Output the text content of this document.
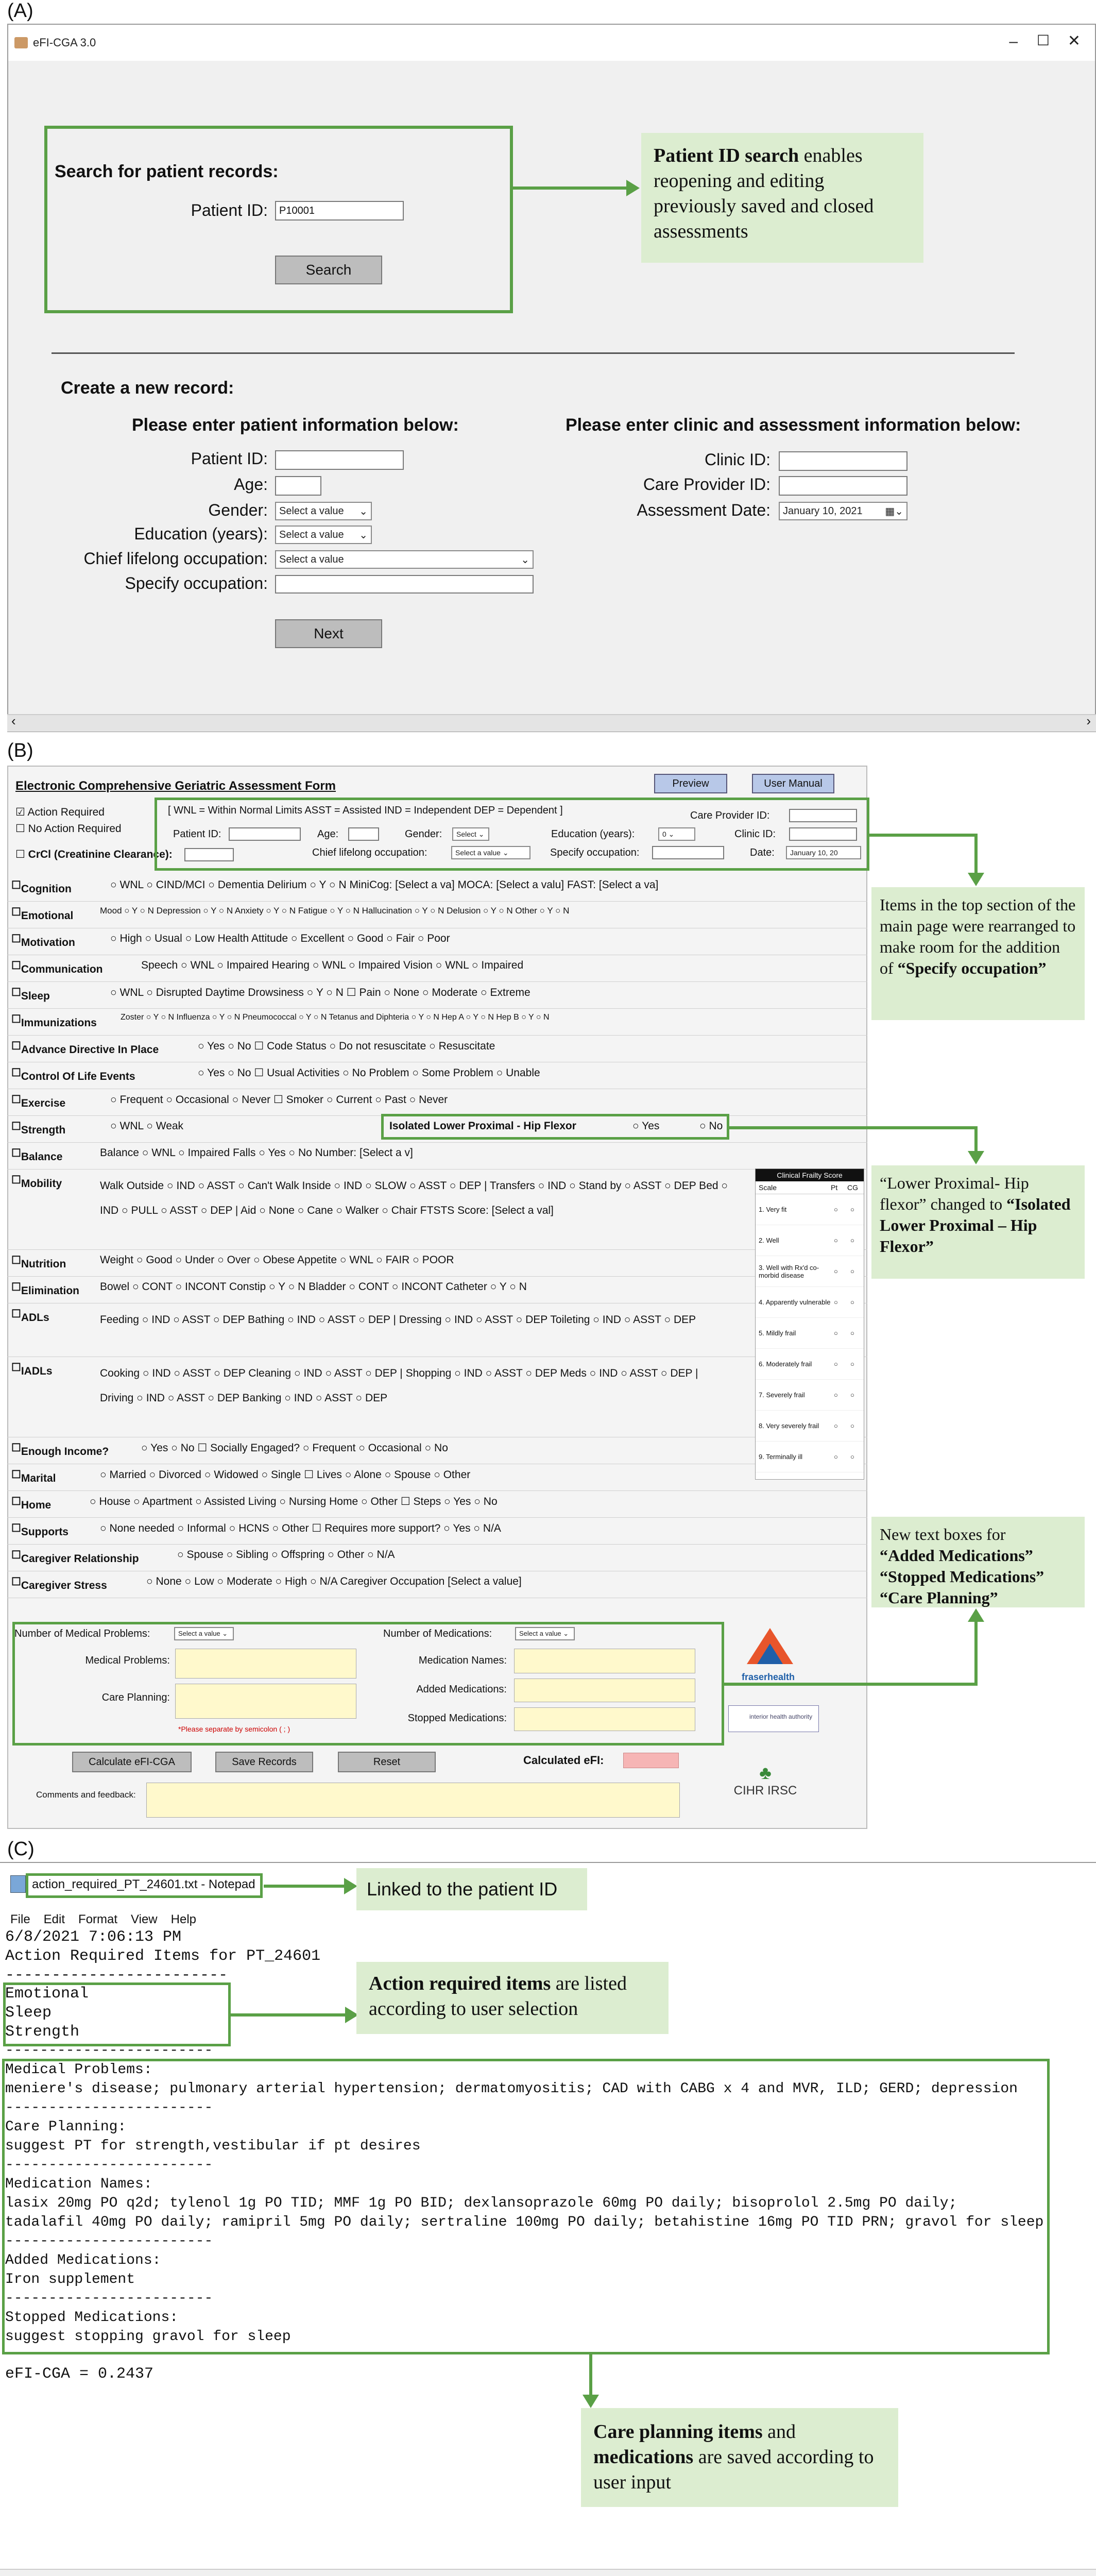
(A)
eFI-CGA 3.0	– ☐ ✕
Search for patient records:
Patient ID:	P10001
Search
Patient ID search enables reopening and editing previously saved and closed assessments
Create a new record:
Please enter patient information below:	Please enter clinic and assessment information below:
Patient ID:
Age:
Gender: Select a value ⌄
Education (years): Select a value ⌄
Chief lifelong occupation: Select a value	⌄
Specify occupation:
Clinic ID:
Care Provider ID:
Assessment Date: January 10, 2021 ▦⌄
Next
‹	›
(B)
Electronic Comprehensive Geriatric Assessment Form	Preview	User Manual
☑ Action Required
☐ No Action Required
☐ CrCl (Creatinine Clearance):
[ WNL = Within Normal Limits ASST = Assisted IND = Independent DEP = Dependent ]
Patient ID:	Age:	Gender:	Select ⌄	Education (years):	0 ⌄
Chief lifelong occupation:	Select a value ⌄	Specify occupation:
Care Provider ID:
Clinic ID:
Date: January 10, 20
☐ Cognition	○ WNL ○ CIND/MCI ○ Dementia Delirium ○ Y ○ N MiniCog: [Select a va] MOCA: [Select a valu] FAST: [Select a va]
☐ Emotional	Mood ○ Y ○ N Depression ○ Y ○ N Anxiety ○ Y ○ N Fatigue ○ Y ○ N Hallucination ○ Y ○ N Delusion ○ Y ○ N Other ○ Y ○ N
☐ Motivation	○ High ○ Usual ○ Low Health Attitude ○ Excellent ○ Good ○ Fair ○ Poor
☐ Communication	Speech ○ WNL ○ Impaired Hearing ○ WNL ○ Impaired Vision ○ WNL ○ Impaired
☐ Sleep	○ WNL ○ Disrupted Daytime Drowsiness ○ Y ○ N ☐ Pain ○ None ○ Moderate ○ Extreme
☐ Immunizations	Zoster ○ Y ○ N Influenza ○ Y ○ N Pneumococcal ○ Y ○ N Tetanus and Diphteria ○ Y ○ N Hep A ○ Y ○ N Hep B ○ Y ○ N
☐ Advance Directive In Place	○ Yes ○ No ☐ Code Status ○ Do not resuscitate ○ Resuscitate
☐ Control Of Life Events	○ Yes ○ No ☐ Usual Activities ○ No Problem ○ Some Problem ○ Unable
☐ Exercise	○ Frequent ○ Occasional ○ Never ☐ Smoker ○ Current ○ Past ○ Never
☐ Strength	○ WNL ○ Weak	Isolated Lower Proximal - Hip Flexor	○ Yes	○ No
☐ Balance	Balance ○ WNL ○ Impaired Falls ○ Yes ○ No Number: [Select a v]
☐ Mobility	Walk Outside ○ IND ○ ASST ○ Can't Walk Inside ○ IND ○ SLOW ○ ASST ○ DEP | Transfers ○ IND ○ Stand by ○ ASST ○ DEP Bed ○ IND ○ PULL ○ ASST ○ DEP | Aid ○ None ○ Cane ○ Walker ○ Chair FTSTS Score: [Select a val]
☐ Nutrition	Weight ○ Good ○ Under ○ Over ○ Obese Appetite ○ WNL ○ FAIR ○ POOR
☐ Elimination Bowel ○ CONT ○ INCONT Constip ○ Y ○ N Bladder ○ CONT ○ INCONT Catheter ○ Y ○ N
☐ ADLs	Feeding ○ IND ○ ASST ○ DEP Bathing ○ IND ○ ASST ○ DEP | Dressing ○ IND ○ ASST ○ DEP Toileting ○ IND ○ ASST ○ DEP
☐ IADLs	Cooking ○ IND ○ ASST ○ DEP Cleaning ○ IND ○ ASST ○ DEP | Shopping ○ IND ○ ASST ○ DEP Meds ○ IND ○ ASST ○ DEP | Driving ○ IND ○ ASST ○ DEP Banking ○ IND ○ ASST ○ DEP
☐ Enough Income?	○ Yes ○ No ☐ Socially Engaged? ○ Frequent ○ Occasional ○ No
☐ Marital	○ Married ○ Divorced ○ Widowed ○ Single ☐ Lives ○ Alone ○ Spouse ○ Other
☐ Home	○ House ○ Apartment ○ Assisted Living ○ Nursing Home ○ Other ☐ Steps ○ Yes ○ No
☐ Supports	○ None needed ○ Informal ○ HCNS ○ Other ☐ Requires more support? ○ Yes ○ N/A
☐ Caregiver Relationship	○ Spouse ○ Sibling ○ Offspring ○ Other ○ N/A
☐ Caregiver Stress	○ None ○ Low ○ Moderate ○ High ○ N/A Caregiver Occupation [Select a value]
Clinical Frailty Score
Scale	Pt	CG
1. Very fit	○	○
2. Well	○	○
3. Well with Rx'd co-morbid disease	○	○
4. Apparently vulnerable ○	○
5. Mildly frail	○	○
6. Moderately frail	○	○
7. Severely frail	○	○
8. Very severely frail	○	○
9. Terminally ill	○	○
Number of Medical Problems:	Select a value ⌄	Number of Medications:	Select a value ⌄
Medical Problems:
Care Planning:
*Please separate by semicolon ( ; )
Medication Names:
Added Medications:
Stopped Medications:
Calculate eFI-CGA	Save Records	Reset	Calculated eFI:
Comments and feedback:
fraserhealth
interior health authority
♣
CIHR IRSC
Items in the top section of the main page were rearranged to make room for the addition of “Specify occupation”
“Lower Proximal- Hip flexor” changed to “Isolated Lower Proximal – Hip Flexor”
New text boxes for
“Added Medications”
“Stopped Medications”
“Care Planning”
(C)
action_required_PT_24601.txt - Notepad	Linked to the patient ID
File Edit Format View Help
6/8/2021 7:06:13 PM
Action Required Items for PT_24601
------------------------
Emotional
Sleep
Strength
Action required items are listed according to user selection
------------------------
Medical Problems:
meniere's disease; pulmonary arterial hypertension; dermatomyositis; CAD with CABG x 4 and MVR, ILD; GERD; depression
------------------------
Care Planning:
suggest PT for strength,vestibular if pt desires
------------------------
Medication Names:
lasix 20mg PO q2d; tylenol 1g PO TID; MMF 1g PO BID; dexlansoprazole 60mg PO daily; bisoprolol 2.5mg PO daily;
tadalafil 40mg PO daily; ramipril 5mg PO daily; sertraline 100mg PO daily; betahistine 16mg PO TID PRN; gravol for sleep
------------------------
Added Medications:
Iron supplement
------------------------
Stopped Medications:
suggest stopping gravol for sleep
eFI-CGA = 0.2437
Care planning items and medications are saved according to user input
